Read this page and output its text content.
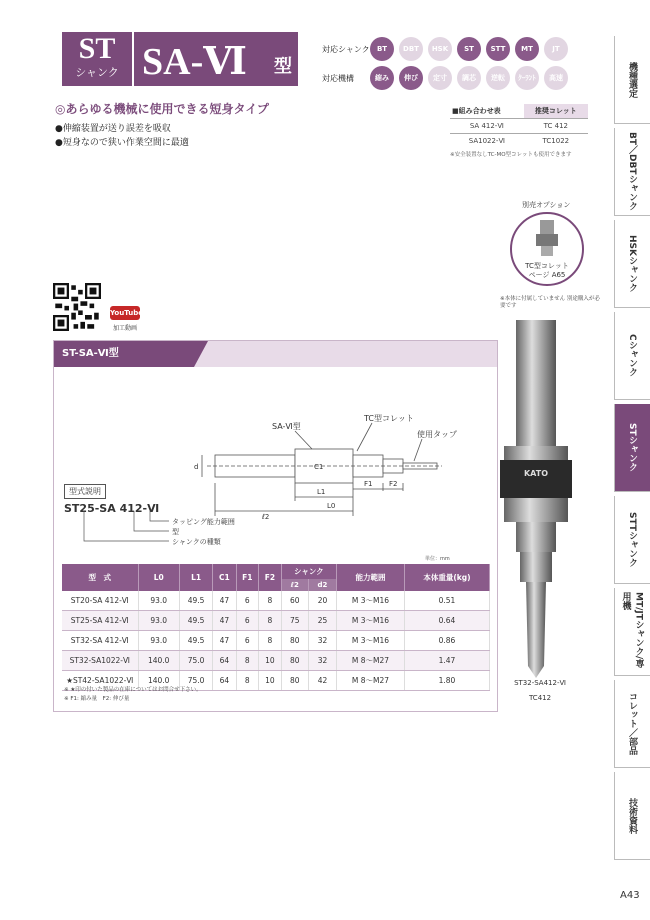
ST
シャンク SA-Ⅵ 型
対応シャンク	BT	DBT	HSK	ST	STT	MT	JT
対応機構	縮み	伸び	定寸	調芯	逆転	ｸｰﾗﾝﾄ	高速
◎あらゆる機械に使用できる短身タイプ
●伸縮装置が送り誤差を吸収
●短身なので狭い作業空間に最適
■組み合わせ表	推奨コレット
SA 412-Ⅵ	TC 412
SA1022-Ⅵ	TC1022
※安全装置なしTC-MO型コレットも使用できます
別売オプション
TC型コレット
ページ A65
※本体に付属していません 別途購入が必要です
YouTube
加工動画
ST-SA-Ⅵ型
SA-Ⅵ型
TC型コレット
使用タップ
L1
L0
ℓ2
F1 F2
C1
d
型式説明
ST25-SA 412-Ⅵ
タッピング能力範囲
型
シャンクの種類
型　式	L0	L1	C1	F1	F2	シャンク		能力範囲	本体重量(kg)
						ℓ2	d2		
ST20-SA 412-Ⅵ	93.0	49.5	47	6	8	60	20	M 3～M16	0.51
ST25-SA 412-Ⅵ	93.0	49.5	47	6	8	75	25	M 3～M16	0.64
ST32-SA 412-Ⅵ	93.0	49.5	47	6	8	80	32	M 3～M16	0.86
ST32-SA1022-Ⅵ	140.0	75.0	64	8	10	80	32	M 8～M27	1.47
★ST42-SA1022-Ⅵ	140.0	75.0	64	8	10	80	42	M 8～M27	1.80
※ ★印の付いた製品の在庫についてはお問合せ下さい。
※ F1: 縮み量　F2: 伸び量
単位：mm
KATO
ST32-SA412-Ⅵ
TC412
機種選定
BT／DBTシャンク
HSKシャンク
Cシャンク
STシャンク
STTシャンク
MT/JTシャンク/専用機
コレット／部品
技術資料
A43
